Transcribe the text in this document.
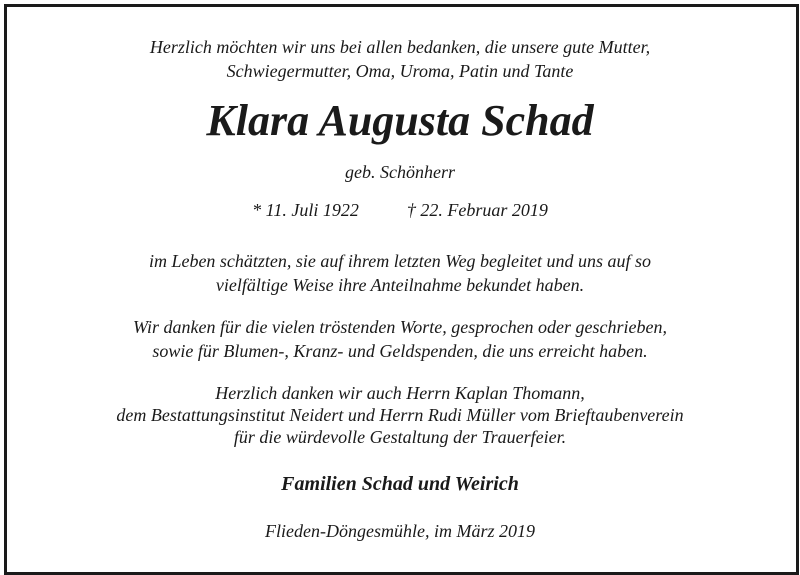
Herzlich möchten wir uns bei allen bedanken, die unsere gute Mutter,
Schwiegermutter, Oma, Uroma, Patin und Tante
Klara Augusta Schad
geb. Schönherr
* 11. Juli 1922	† 22. Februar 2019
im Leben schätzten, sie auf ihrem letzten Weg begleitet und uns auf so
vielfältige Weise ihre Anteilnahme bekundet haben.
Wir danken für die vielen tröstenden Worte, gesprochen oder geschrieben,
sowie für Blumen-, Kranz- und Geldspenden, die uns erreicht haben.
Herzlich danken wir auch Herrn Kaplan Thomann,
dem Bestattungsinstitut Neidert und Herrn Rudi Müller vom Brieftaubenverein
für die würdevolle Gestaltung der Trauerfeier.
Familien Schad und Weirich
Flieden-Döngesmühle, im März 2019
